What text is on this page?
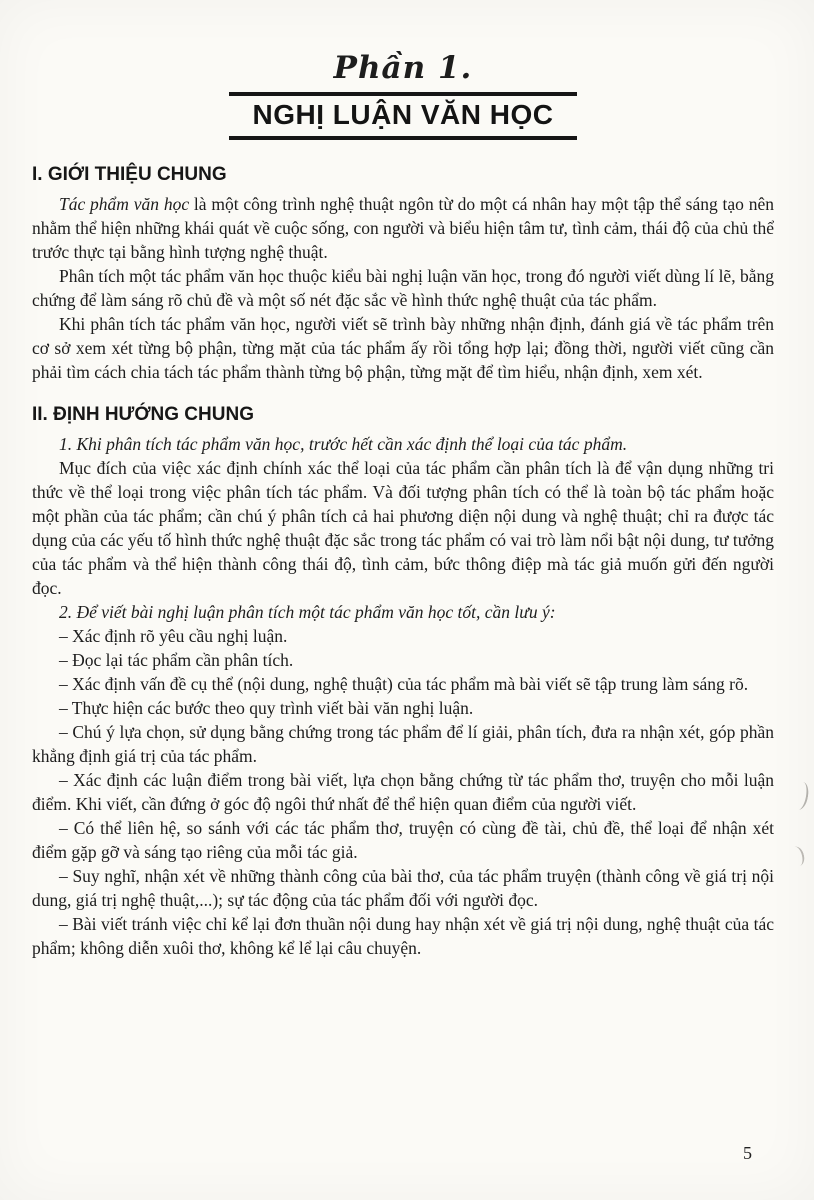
Phần 1.
NGHỊ LUẬN VĂN HỌC
I. GIỚI THIỆU CHUNG

Tác phẩm văn học là một công trình nghệ thuật ngôn từ do một cá nhân hay một tập thể sáng tạo nên nhằm thể hiện những khái quát về cuộc sống, con người và biểu hiện tâm tư, tình cảm, thái độ của chủ thể trước thực tại bằng hình tượng nghệ thuật.

Phân tích một tác phẩm văn học thuộc kiểu bài nghị luận văn học, trong đó người viết dùng lí lẽ, bằng chứng để làm sáng rõ chủ đề và một số nét đặc sắc về hình thức nghệ thuật của tác phẩm.

Khi phân tích tác phẩm văn học, người viết sẽ trình bày những nhận định, đánh giá về tác phẩm trên cơ sở xem xét từng bộ phận, từng mặt của tác phẩm ấy rồi tổng hợp lại; đồng thời, người viết cũng cần phải tìm cách chia tách tác phẩm thành từng bộ phận, từng mặt để tìm hiểu, nhận định, xem xét.

II. ĐỊNH HƯỚNG CHUNG

1. Khi phân tích tác phẩm văn học, trước hết cần xác định thể loại của tác phẩm.

Mục đích của việc xác định chính xác thể loại của tác phẩm cần phân tích là để vận dụng những tri thức về thể loại trong việc phân tích tác phẩm. Và đối tượng phân tích có thể là toàn bộ tác phẩm hoặc một phần của tác phẩm; cần chú ý phân tích cả hai phương diện nội dung và nghệ thuật; chỉ ra được tác dụng của các yếu tố hình thức nghệ thuật đặc sắc trong tác phẩm có vai trò làm nổi bật nội dung, tư tưởng của tác phẩm và thể hiện thành công thái độ, tình cảm, bức thông điệp mà tác giả muốn gửi đến người đọc.

2. Để viết bài nghị luận phân tích một tác phẩm văn học tốt, cần lưu ý:

– Xác định rõ yêu cầu nghị luận.

– Đọc lại tác phẩm cần phân tích.

– Xác định vấn đề cụ thể (nội dung, nghệ thuật) của tác phẩm mà bài viết sẽ tập trung làm sáng rõ.

– Thực hiện các bước theo quy trình viết bài văn nghị luận.

– Chú ý lựa chọn, sử dụng bằng chứng trong tác phẩm để lí giải, phân tích, đưa ra nhận xét, góp phần khẳng định giá trị của tác phẩm.

– Xác định các luận điểm trong bài viết, lựa chọn bằng chứng từ tác phẩm thơ, truyện cho mỗi luận điểm. Khi viết, cần đứng ở góc độ ngôi thứ nhất để thể hiện quan điểm của người viết.

– Có thể liên hệ, so sánh với các tác phẩm thơ, truyện có cùng đề tài, chủ đề, thể loại để nhận xét điểm gặp gỡ và sáng tạo riêng của mỗi tác giả.

– Suy nghĩ, nhận xét về những thành công của bài thơ, của tác phẩm truyện (thành công về giá trị nội dung, giá trị nghệ thuật,...); sự tác động của tác phẩm đối với người đọc.

– Bài viết tránh việc chỉ kể lại đơn thuần nội dung hay nhận xét về giá trị nội dung, nghệ thuật của tác phẩm; không diễn xuôi thơ, không kể lể lại câu chuyện.

5
